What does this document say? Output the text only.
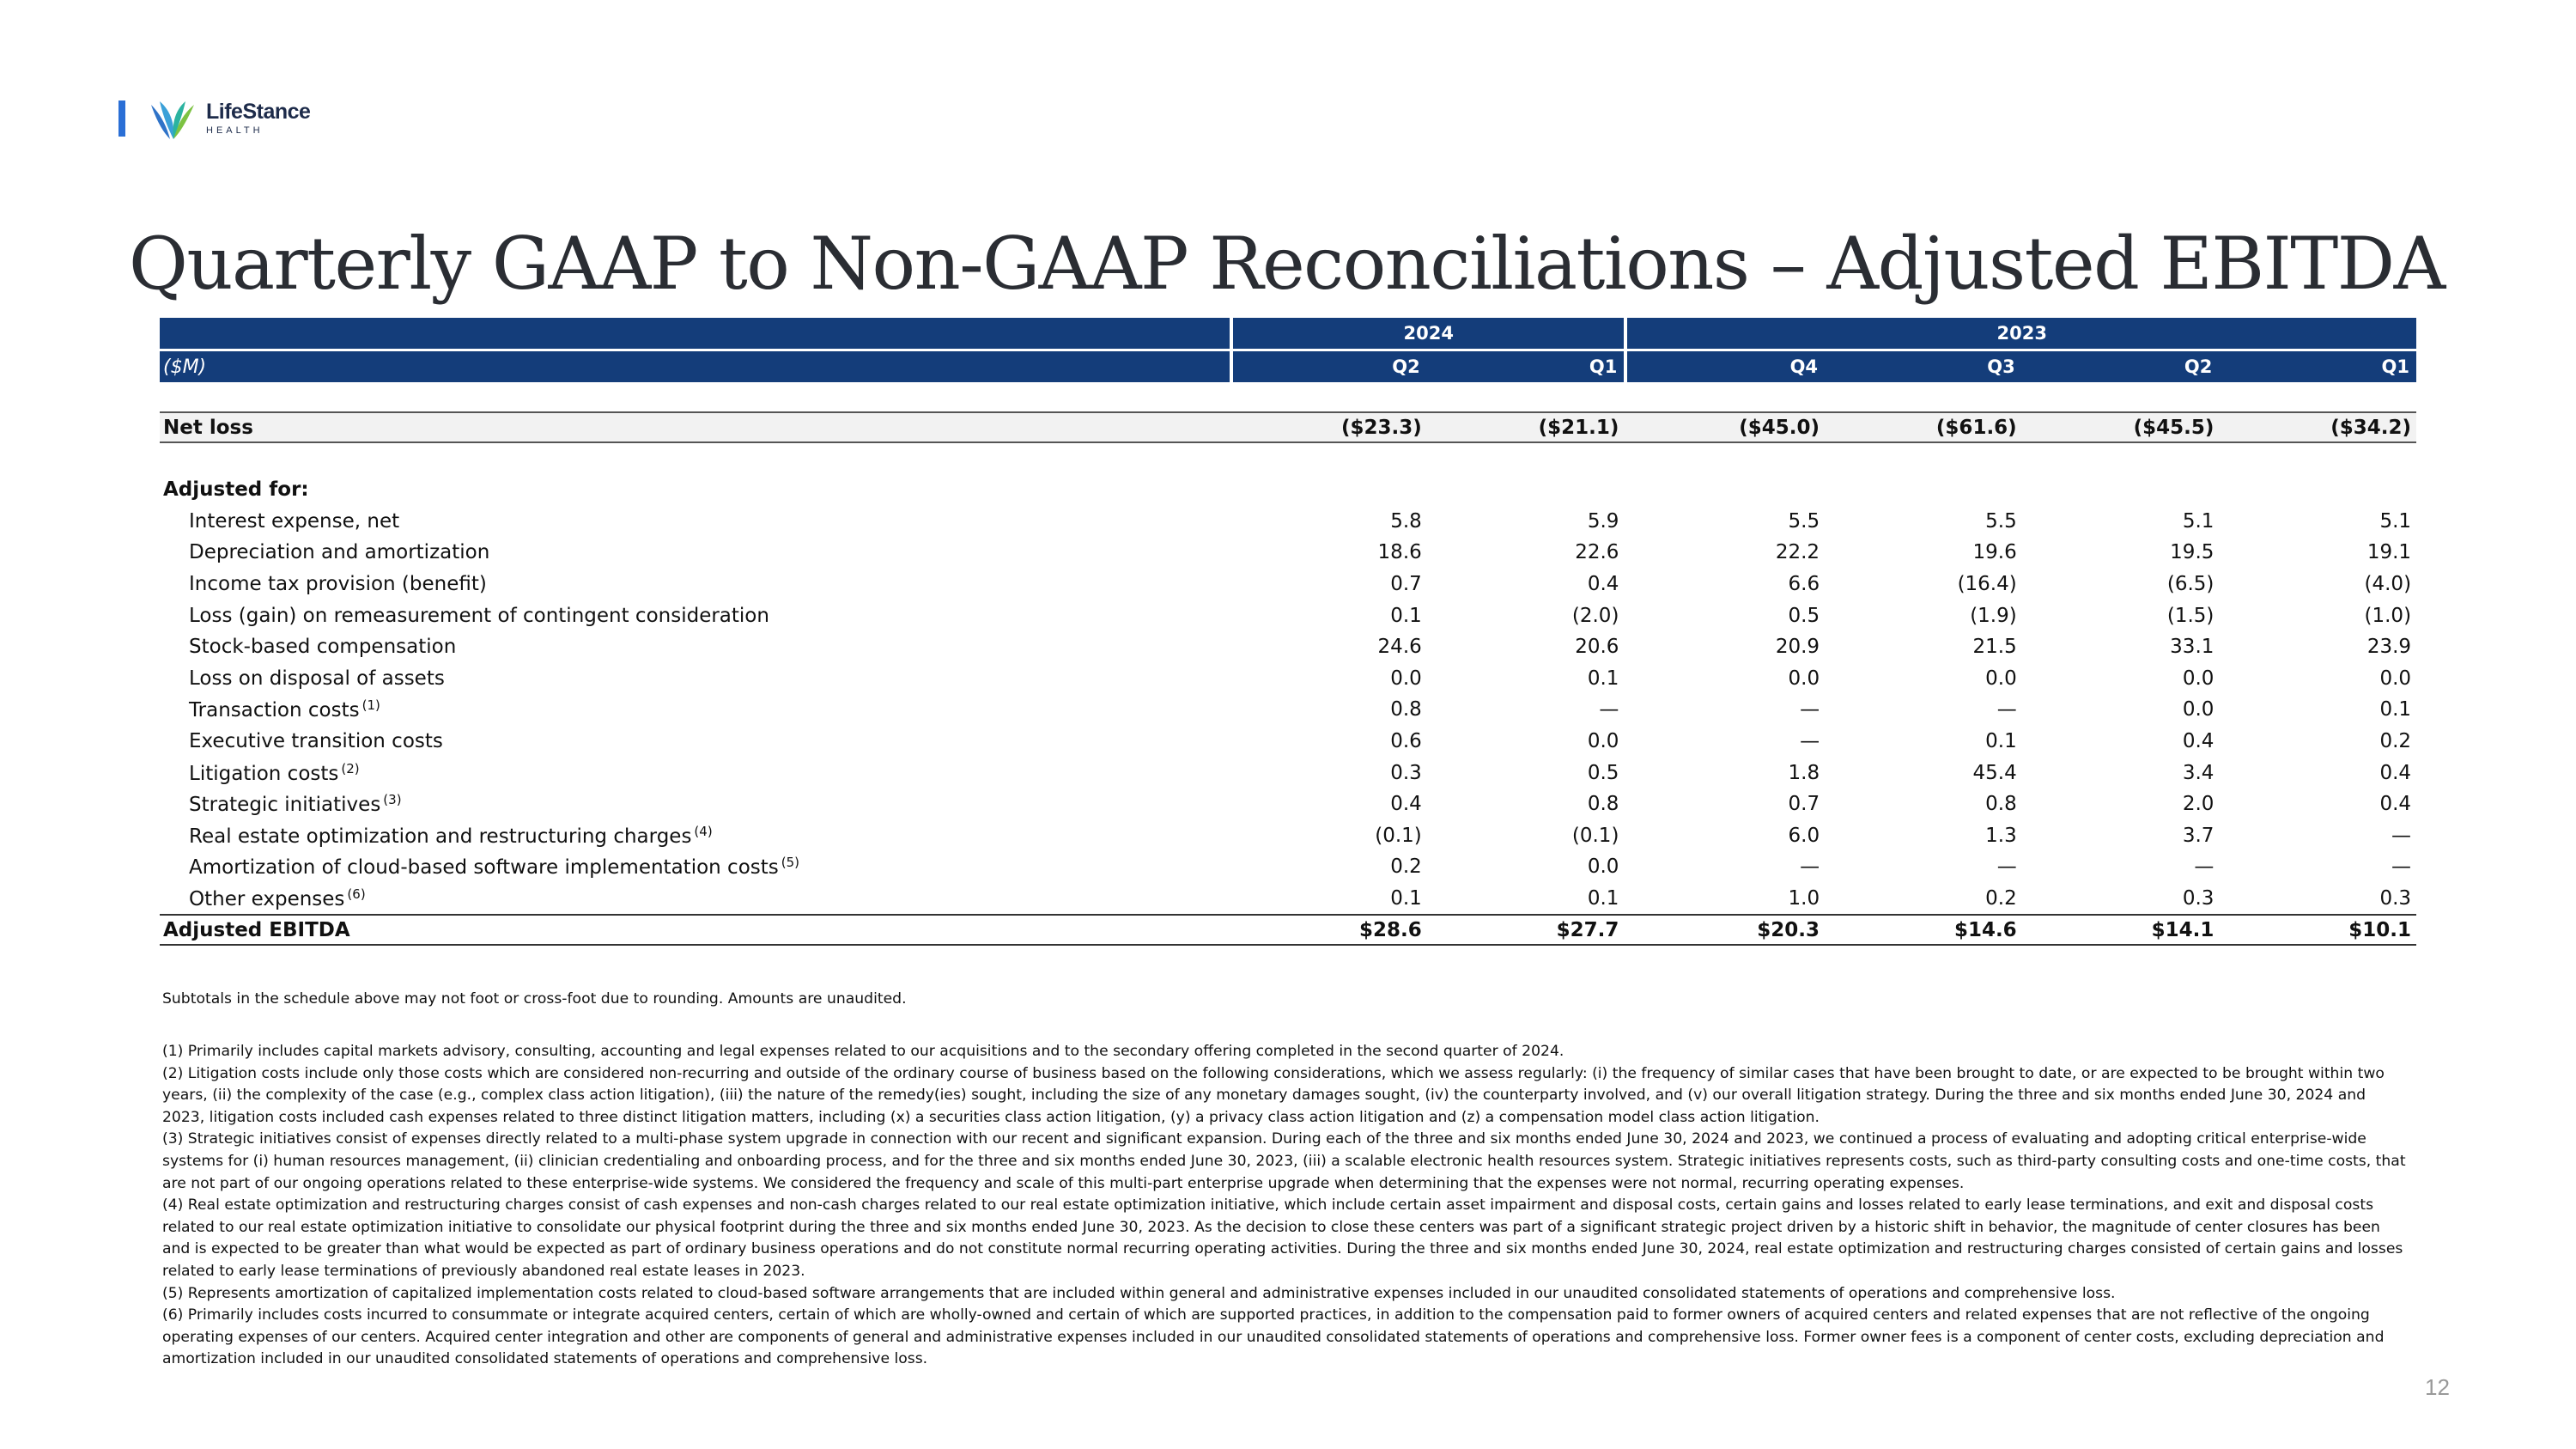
LifeStance
HEALTH
Quarterly GAAP to Non-GAAP Reconciliations – Adjusted EBITDA
2024	2023
($M)	Q2	Q1	Q4	Q3	Q2	Q1
Net loss	($23.3)	($21.1)	($45.0)	($61.6)	($45.5)	($34.2)
Adjusted for:
Interest expense, net	5.8	5.9	5.5	5.5	5.1	5.1
Depreciation and amortization	18.6	22.6	22.2	19.6	19.5	19.1
Income tax provision (benefit)	0.7	0.4	6.6	(16.4)	(6.5)	(4.0)
Loss (gain) on remeasurement of contingent consideration	0.1	(2.0)	0.5	(1.9)	(1.5)	(1.0)
Stock-based compensation	24.6	20.6	20.9	21.5	33.1	23.9
Loss on disposal of assets	0.0	0.1	0.0	0.0	0.0	0.0
Transaction costs $^{(1)}$	0.8	—	—	—	0.0	0.1
Executive transition costs	0.6	0.0	—	0.1	0.4	0.2
Litigation costs $^{(2)}$	0.3	0.5	1.8	45.4	3.4	0.4
Strategic initiatives $^{(3)}$	0.4	0.8	0.7	0.8	2.0	0.4
Real estate optimization and restructuring charges $^{(4)}$	(0.1)	(0.1)	6.0	1.3	3.7	—
Amortization of cloud-based software implementation costs $^{(5)}$	0.2	0.0	—	—	—	—
Other expenses $^{(6)}$	0.1	0.1	1.0	0.2	0.3	0.3
Adjusted EBITDA	$28.6	$27.7	$20.3	$14.6	$14.1	$10.1
Subtotals in the schedule above may not foot or cross-foot due to rounding. Amounts are unaudited.

(1) Primarily includes capital markets advisory, consulting, accounting and legal expenses related to our acquisitions and to the secondary offering completed in the second quarter of 2024.

(2) Litigation costs include only those costs which are considered non-recurring and outside of the ordinary course of business based on the following considerations, which we assess regularly: (i) the frequency of similar cases that have been brought to date, or are expected to be brought within two years, (ii) the complexity of the case (e.g., complex class action litigation), (iii) the nature of the remedy(ies) sought, including the size of any monetary damages sought, (iv) the counterparty involved, and (v) our overall litigation strategy. During the three and six months ended June 30, 2024 and 2023, litigation costs included cash expenses related to three distinct litigation matters, including (x) a securities class action litigation, (y) a privacy class action litigation and (z) a compensation model class action litigation.

(3) Strategic initiatives consist of expenses directly related to a multi-phase system upgrade in connection with our recent and significant expansion. During each of the three and six months ended June 30, 2024 and 2023, we continued a process of evaluating and adopting critical enterprise-wide systems for (i) human resources management, (ii) clinician credentialing and onboarding process, and for the three and six months ended June 30, 2023, (iii) a scalable electronic health resources system. Strategic initiatives represents costs, such as third-party consulting costs and one-time costs, that are not part of our ongoing operations related to these enterprise-wide systems. We considered the frequency and scale of this multi-part enterprise upgrade when determining that the expenses were not normal, recurring operating expenses.

(4) Real estate optimization and restructuring charges consist of cash expenses and non-cash charges related to our real estate optimization initiative, which include certain asset impairment and disposal costs, certain gains and losses related to early lease terminations, and exit and disposal costs related to our real estate optimization initiative to consolidate our physical footprint during the three and six months ended June 30, 2023. As the decision to close these centers was part of a significant strategic project driven by a historic shift in behavior, the magnitude of center closures has been and is expected to be greater than what would be expected as part of ordinary business operations and do not constitute normal recurring operating activities. During the three and six months ended June 30, 2024, real estate optimization and restructuring charges consisted of certain gains and losses related to early lease terminations of previously abandoned real estate leases in 2023.

(5) Represents amortization of capitalized implementation costs related to cloud-based software arrangements that are included within general and administrative expenses included in our unaudited consolidated statements of operations and comprehensive loss.

(6) Primarily includes costs incurred to consummate or integrate acquired centers, certain of which are wholly-owned and certain of which are supported practices, in addition to the compensation paid to former owners of acquired centers and related expenses that are not reflective of the ongoing operating expenses of our centers. Acquired center integration and other are components of general and administrative expenses included in our unaudited consolidated statements of operations and comprehensive loss. Former owner fees is a component of center costs, excluding depreciation and amortization included in our unaudited consolidated statements of operations and comprehensive loss.

12
